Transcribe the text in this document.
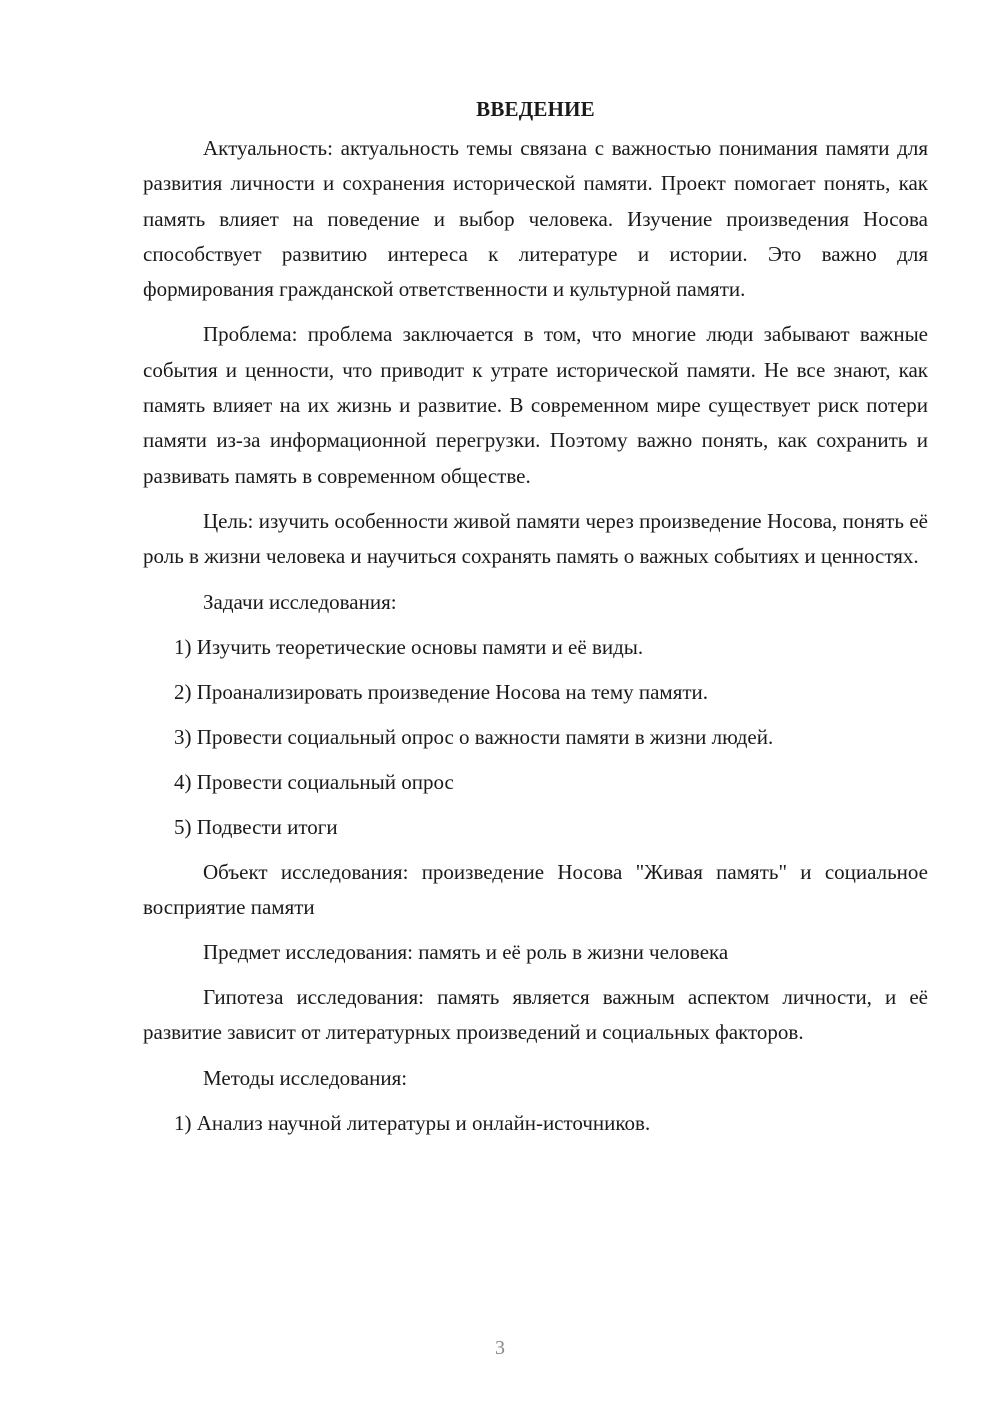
ВВЕДЕНИЕ

Актуальность: актуальность темы связана с важностью понимания памяти для развития личности и сохранения исторической памяти. Проект помогает понять, как память влияет на поведение и выбор человека. Изучение произведения Носова способствует развитию интереса к литературе и истории. Это важно для формирования гражданской ответственности и культурной памяти.

Проблема: проблема заключается в том, что многие люди забывают важные события и ценности, что приводит к утрате исторической памяти. Не все знают, как память влияет на их жизнь и развитие. В современном мире существует риск потери памяти из-за информационной перегрузки. Поэтому важно понять, как сохранить и развивать память в современном обществе.

Цель: изучить особенности живой памяти через произведение Носова, понять её роль в жизни человека и научиться сохранять память о важных событиях и ценностях.

Задачи исследования:

1) Изучить теоретические основы памяти и её виды.

2) Проанализировать произведение Носова на тему памяти.

3) Провести социальный опрос о важности памяти в жизни людей.

4) Провести социальный опрос

5) Подвести итоги

Объект исследования: произведение Носова "Живая память" и социальное восприятие памяти

Предмет исследования: память и её роль в жизни человека

Гипотеза исследования: память является важным аспектом личности, и её развитие зависит от литературных произведений и социальных факторов.

Методы исследования:

1) Анализ научной литературы и онлайн-источников.

3
